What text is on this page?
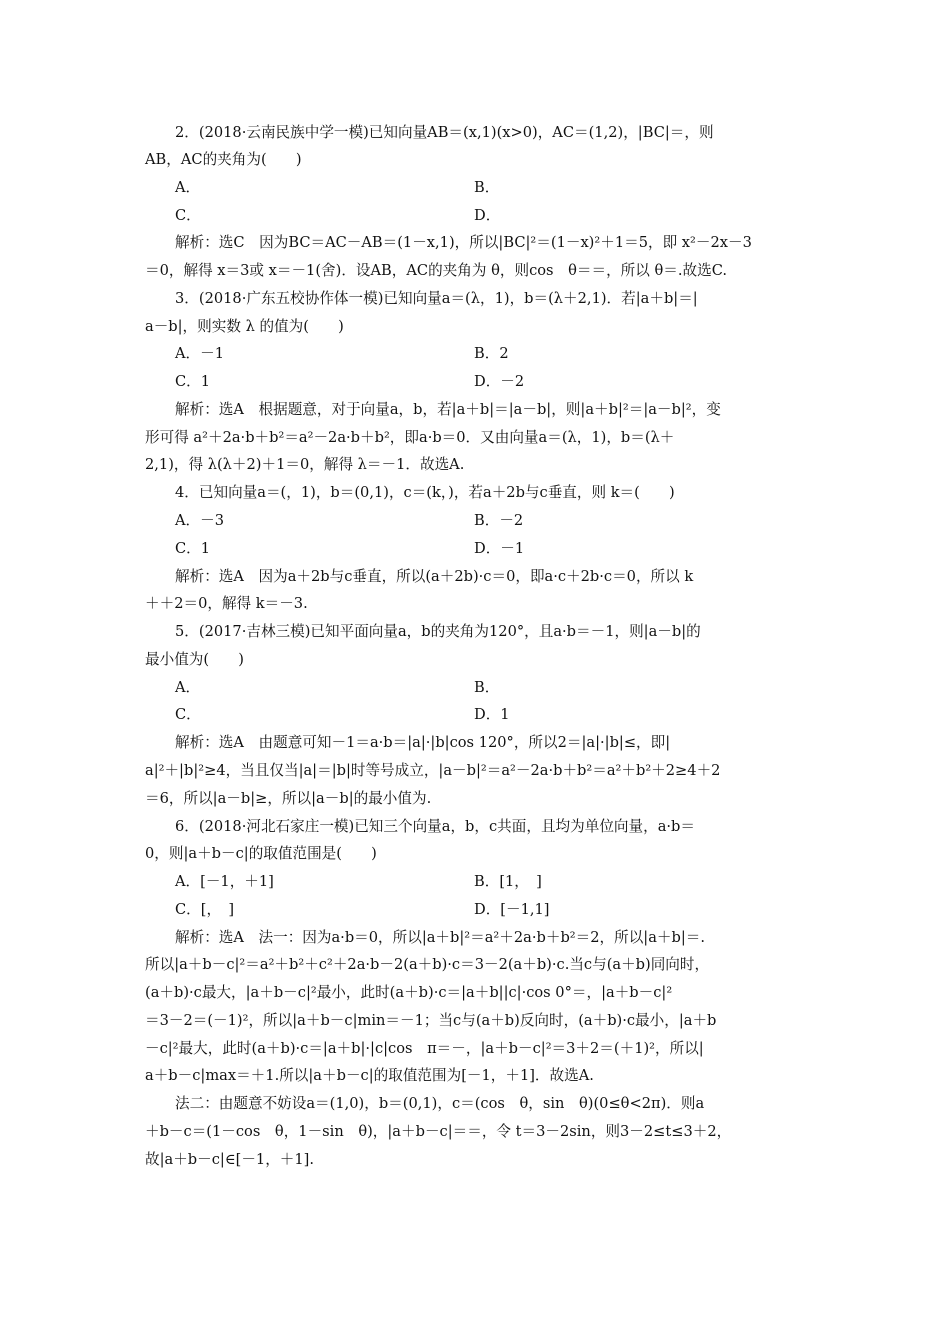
2．(2018·云南民族中学一模)已知向量AB＝(x,1)(x>0)，AC＝(1,2)，|BC|＝，则
AB，AC的夹角为(　　)
A．	B．
C．	D．
解析：选C　因为BC＝AC－AB＝(1－x,1)，所以|BC|²＝(1－x)²＋1＝5，即 x²－2x－3
＝0，解得 x＝3或 x＝－1(舍)．设AB，AC的夹角为 θ，则cos　θ＝＝，所以 θ＝.故选C.
3．(2018·广东五校协作体一模)已知向量a＝(λ，1)，b＝(λ＋2,1)．若|a＋b|＝|
a－b|，则实数 λ 的值为(　　)
A．－1	B．2
C．1	D．－2
解析：选A　根据题意，对于向量a，b，若|a＋b|＝|a－b|，则|a＋b|²＝|a－b|²，变
形可得 a²＋2a·b＋b²＝a²－2a·b＋b²，即a·b＝0．又由向量a＝(λ，1)，b＝(λ＋
2,1)，得 λ(λ＋2)＋1＝0，解得 λ＝－1．故选A.
4．已知向量a＝(，1)，b＝(0,1)，c＝(k，)，若a＋2b与c垂直，则 k＝(　　)
A．－3	B．－2
C．1	D．－1
解析：选A　因为a＋2b与c垂直，所以(a＋2b)·c＝0，即a·c＋2b·c＝0，所以 k
＋＋2＝0，解得 k＝－3.
5．(2017·吉林三模)已知平面向量a，b的夹角为120°，且a·b＝－1，则|a－b|的
最小值为(　　)
A．	B．
C．	D．1
解析：选A　由题意可知－1＝a·b＝|a|·|b|cos 120°，所以2＝|a|·|b|≤，即|
a|²＋|b|²≥4，当且仅当|a|＝|b|时等号成立，|a－b|²＝a²－2a·b＋b²＝a²＋b²＋2≥4＋2
＝6，所以|a－b|≥，所以|a－b|的最小值为.
6．(2018·河北石家庄一模)已知三个向量a，b，c共面，且均为单位向量，a·b＝
0，则|a＋b－c|的取值范围是(　　)
A．[－1，＋1]	B．[1，　]
C．[，　]	D．[－1,1]
解析：选A　法一：因为a·b＝0，所以|a＋b|²＝a²＋2a·b＋b²＝2，所以|a＋b|＝.
所以|a＋b－c|²＝a²＋b²＋c²＋2a·b－2(a＋b)·c＝3－2(a＋b)·c.当c与(a＋b)同向时，
(a＋b)·c最大，|a＋b－c|²最小，此时(a＋b)·c＝|a＋b||c|·cos 0°＝，|a＋b－c|²
＝3－2＝(－1)²，所以|a＋b－c|min＝－1；当c与(a＋b)反向时，(a＋b)·c最小，|a＋b
－c|²最大，此时(a＋b)·c＝|a＋b|·|c|cos　π＝－，|a＋b－c|²＝3＋2＝(＋1)²，所以|
a＋b－c|max＝＋1.所以|a＋b－c|的取值范围为[－1，＋1]．故选A.
法二：由题意不妨设a＝(1,0)，b＝(0,1)，c＝(cos　θ，sin　θ)(0≤θ<2π)．则a
＋b－c＝(1－cos　θ，1－sin　θ)，|a＋b－c|＝＝，令 t＝3－2sin，则3－2≤t≤3＋2，
故|a＋b－c|∈[－1，＋1].
